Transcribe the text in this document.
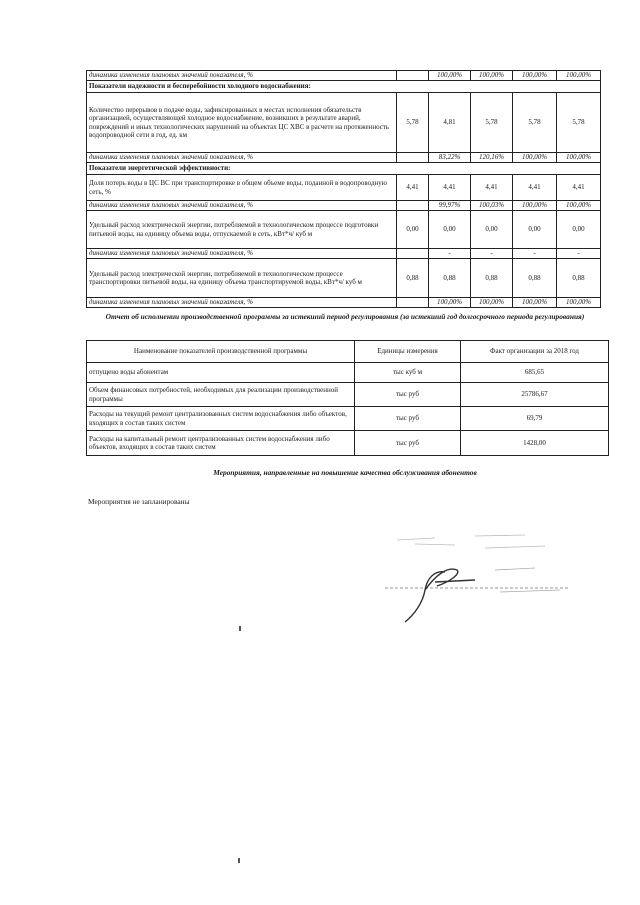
динамика изменения плановых значений показателя, %		100,00%	100,00%	100,00%	100,00%
Показатели надежности и бесперебойности холодного водоснабжения:					
Количество перерывов в подаче воды, зафиксированных в местах исполнения обязательств организацией, осуществляющей холодное водоснабжение, возникших в результате аварий, повреждений и иных технологических нарушений на объектах ЦС ХВС в расчете на протяженность водопроводной сети в год, ед. км	5,78	4,81	5,78	5,78	5,78
динамика изменения плановых значений показателя, %		83,22%	120,16%	100,00%	100,00%
Показатели энергетической эффективности:					
Доля потерь воды в ЦС ВС при транспортировке в общем объеме воды, поданной в водопроводную сеть, %	4,41	4,41	4,41	4,41	4,41
динамика изменения плановых значений показателя, %		99,97%	100,03%	100,00%	100,00%
Удельный расход электрической энергии, потребляемой в технологическом процессе подготовки питьевой воды, на единицу объема воды, отпускаемой в сеть, кВт*ч/ куб м	0,00	0,00	0,00	0,00	0,00
динамика изменения плановых значений показателя, %		-	-	-	-
Удельный расход электрической энергии, потребляемой в технологическом процессе транспортировки питьевой воды, на единицу объема транспортируемой воды, кВт*ч/ куб м	0,88	0,88	0,88	0,88	0,88
динамика изменения плановых значений показателя, %		100,00%	100,00%	100,00%	100,00%
Отчет об исполнении производственной программы за истекший период регулирования (за истекший год долгосрочного периода регулирования)
Наименование показателей производственной программы	Единицы измерения	Факт организации за 2018 год
отпущено воды абонентам	тыс куб м	685,65
Объем финансовых потребностей, необходимых для реализации производственной программы	тыс руб	25786,67
Расходы на текущий ремонт централизованных систем водоснабжения либо объектов, входящих в состав таких систем	тыс руб	69,79
Расходы на капитальный ремонт централизованных систем водоснабжения либо объектов, входящих в состав таких систем	тыс руб	1428,00
Мероприятия, направленные на повышение качества обслуживания абонентов
Мероприятия не запланированы
